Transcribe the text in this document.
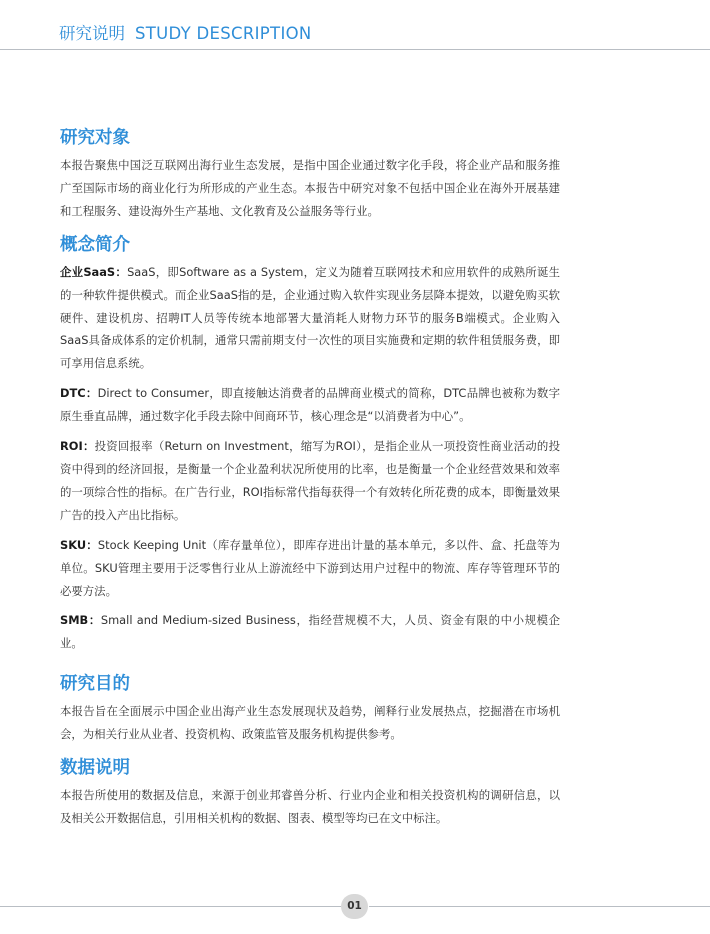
研究说明 STUDY DESCRIPTION
研究对象

本报告聚焦中国泛互联网出海行业生态发展，是指中国企业通过数字化手段，将企业产品和服务推广至国际市场的商业化行为所形成的产业生态。本报告中研究对象不包括中国企业在海外开展基建和工程服务、建设海外生产基地、文化教育及公益服务等行业。

概念简介

企业SaaS：SaaS，即Software as a System，定义为随着互联网技术和应用软件的成熟所诞生的一种软件提供模式。而企业SaaS指的是，企业通过购入软件实现业务层降本提效，以避免购买软硬件、建设机房、招聘IT人员等传统本地部署大量消耗人财物力环节的服务B端模式。企业购入SaaS具备成体系的定价机制，通常只需前期支付一次性的项目实施费和定期的软件租赁服务费，即可享用信息系统。

DTC：Direct to Consumer，即直接触达消费者的品牌商业模式的简称，DTC品牌也被称为数字原生垂直品牌，通过数字化手段去除中间商环节，核心理念是“以消费者为中心”。

ROI：投资回报率（Return on Investment，缩写为ROI），是指企业从一项投资性商业活动的投资中得到的经济回报，是衡量一个企业盈利状况所使用的比率，也是衡量一个企业经营效果和效率的一项综合性的指标。在广告行业，ROI指标常代指每获得一个有效转化所花费的成本，即衡量效果广告的投入产出比指标。

SKU：Stock Keeping Unit（库存量单位），即库存进出计量的基本单元，多以件、盒、托盘等为单位。SKU管理主要用于泛零售行业从上游流经中下游到达用户过程中的物流、库存等管理环节的必要方法。

SMB：Small and Medium-sized Business，指经营规模不大，人员、资金有限的中小规模企业。

研究目的

本报告旨在全面展示中国企业出海产业生态发展现状及趋势，阐释行业发展热点，挖掘潜在市场机会，为相关行业从业者、投资机构、政策监管及服务机构提供参考。

数据说明

本报告所使用的数据及信息，来源于创业邦睿兽分析、行业内企业和相关投资机构的调研信息，以及相关公开数据信息，引用相关机构的数据、图表、模型等均已在文中标注。

01
